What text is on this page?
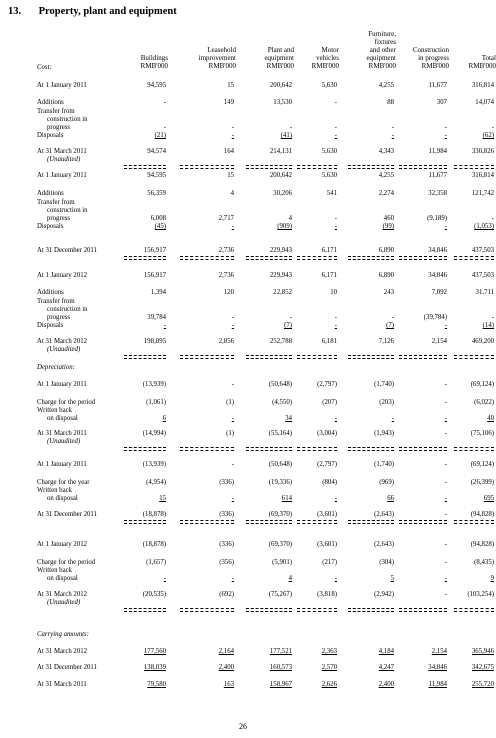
13. Property, plant and equipment
Buildings
RMB'000
Leasehold
improvement
RMB'000
Plant and
equipment
RMB'000
Motor
vehicles
RMB'000
Furniture,
fixtures
and other
equipment
RMB'000
Construction
in progress
RMB'000
Total
RMB'000
Cost:
At 1 January 2011	94,595	15	200,642	5,630	4,255	11,677	316,814
Additions	-	149	13,530	-	88	307	14,074
Transfer from
construction in
progress	-	-	-	-	-	-	-
Disposals	(21)	-	(41)	-	-	-	(62)
At 31 March 2011	94,574	164	214,131	5,630	4,343	11,984	330,826
(Unaudited)
At 1 January 2011	94,595	15	200,642	5,630	4,255	11,677	316,814
Additions	56,359	4	30,206	541	2,274	32,358	121,742
Transfer from
construction in
progress	6,008	2,717	4	-	460	(9,189)	-
Disposals	(45)	-	(909)	-	(99)	-	(1,053)
At 31 December 2011	156,917	2,736	229,943	6,171	6,890	34,846	437,503
At 1 January 2012	156,917	2,736	229,943	6,171	6,890	34,846	437,503
Additions	1,394	120	22,852	10	243	7,092	31,711
Transfer from
construction in
progress	39,784	-	-	-	-	(39,784)	-
Disposals	-	-	(7)	-	(7)	-	(14)
At 31 March 2012	198,095	2,856	252,788	6,181	7,126	2,154	469,200
(Unaudited)
Depreciation:
At 1 January 2011	(13,939)	-	(50,648)	(2,797)	(1,740)	-	(69,124)
Charge for the period	(1,061)	(1)	(4,550)	(207)	(203)	-	(6,022)
Written back
on disposal	6	-	34	-	-	-	40
At 31 March 2011	(14,994)	(1)	(55,164)	(3,004)	(1,943)	-	(75,106)
(Unaudited)
At 1 January 2011	(13,939)	-	(50,648)	(2,797)	(1,740)	-	(69,124)
Charge for the year	(4,954)	(336)	(19,336)	(804)	(969)	-	(26,399)
Written back
on disposal	15	-	614	-	66	-	695
At 31 December 2011	(18,878)	(336)	(69,370)	(3,601)	(2,643)	-	(94,828)
At 1 January 2012	(18,878)	(336)	(69,370)	(3,601)	(2,643)	-	(94,828)
Charge for the period	(1,657)	(356)	(5,901)	(217)	(304)	-	(8,435)
Written back
on disposal	-	-	4	-	5	-	9
At 31 March 2012	(20,535)	(692)	(75,267)	(3,818)	(2,942)	-	(103,254)
(Unaudited)
Carrying amounts:
At 31 March 2012	177,560	2,164	177,521	2,363	4,184	2,154	365,946
At 31 December 2011	138,039	2,400	160,573	2,570	4,247	34,846	342,675
At 31 March 2011	79,580	163	158,967	2,626	2,400	11,984	255,720
26
